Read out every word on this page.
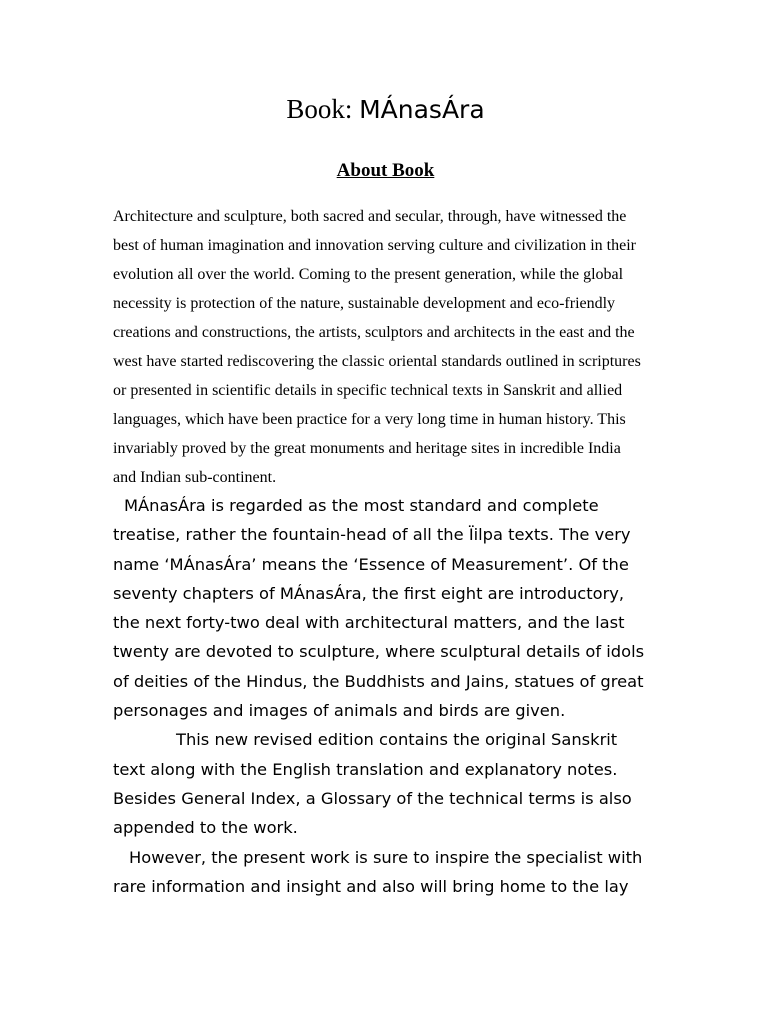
Book: MÁnasÁra
About Book
Architecture and sculpture, both sacred and secular, through, have witnessed the
best of human imagination and innovation serving culture and civilization in their
evolution all over the world. Coming to the present generation, while the global
necessity is protection of the nature, sustainable development and eco-friendly
creations and constructions, the artists, sculptors and architects in the east and the
west have started rediscovering the classic oriental standards outlined in scriptures
or presented in scientific details in specific technical texts in Sanskrit and allied
languages, which have been practice for a very long time in human history. This
invariably proved by the great monuments and heritage sites in incredible India
and Indian sub-continent.
MÁnasÁra is regarded as the most standard and complete
treatise, rather the fountain-head of all the Ïilpa texts. The very
name ‘MÁnasÁra’ means the ‘Essence of Measurement’. Of the
seventy chapters of MÁnasÁra, the first eight are introductory,
the next forty-two deal with architectural matters, and the last
twenty are devoted to sculpture, where sculptural details of idols
of deities of the Hindus, the Buddhists and Jains, statues of great
personages and images of animals and birds are given.
This new revised edition contains the original Sanskrit
text along with the English translation and explanatory notes.
Besides General Index, a Glossary of the technical terms is also
appended to the work.
However, the present work is sure to inspire the specialist with
rare information and insight and also will bring home to the lay
